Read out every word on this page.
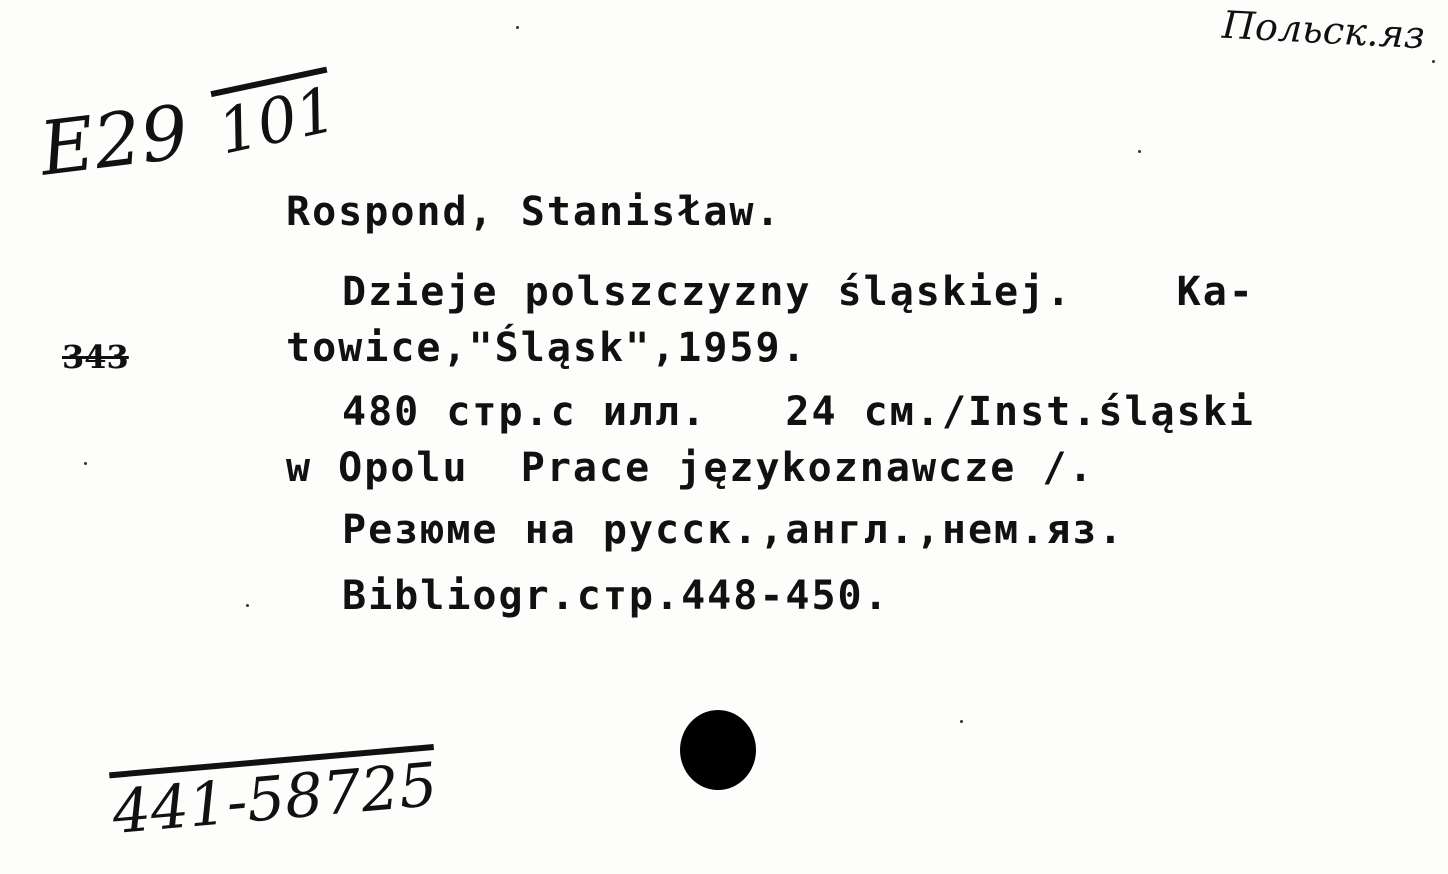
Польск.яз
E29 101
343
Rospond, Stanisław.
Dzieje polszczyzny śląskiej.    Ka-
towice,"Śląsk",1959.
480 стр.с илл.   24 см./Inst.śląski
w Opolu  Prace językoznawcze /.
Резюме на русск.,англ.,нем.яз.
Bibliogr.стр.448-450.
441-58725
